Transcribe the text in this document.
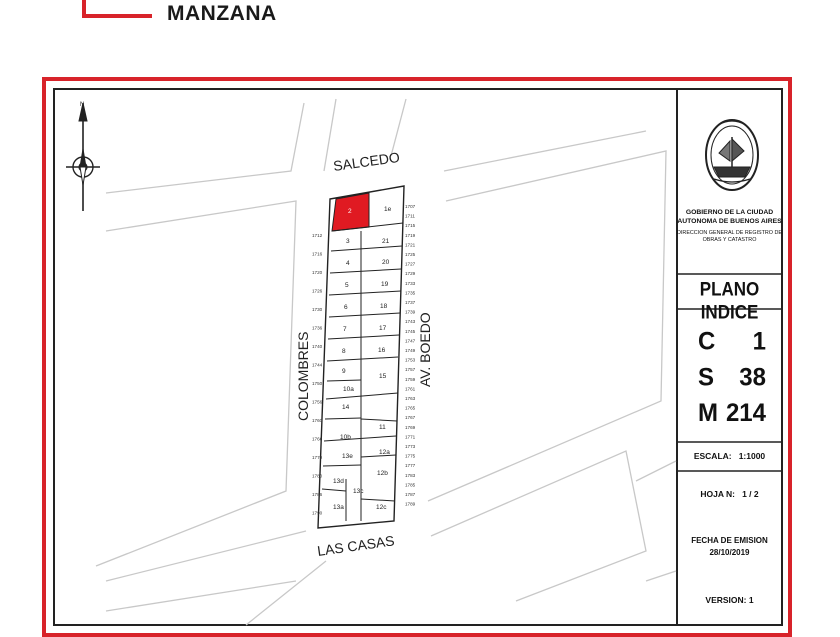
MANZANA
N
1e
2
3	21
4	20
5	19
6	18
7	17
8	16
9
15
10a
14
10b
11
13e
12a
13d
12b
13c
13a	12c
1707
1711
1715
1719
1721
1725
1727
1729
1733
1735
1737
1739
1743
1745
1747
1749
1753
1757
1759
1761
1763
1765
1767
1769
1771
1773
1775
1777
1783
1785
1787
1789
1712
1716
1720
1726
1730
1736
1740
1744
1750
1756
1760
1766
1770
1780
1786
1790
SALCEDO
LAS CASAS
COLOMBRES	AV. BOEDO
GOBIERNO DE LA CIUDAD
AUTONOMA DE BUENOS AIRES
DIRECCION GENERAL DE REGISTRO DE
OBRAS Y CATASTRO
PLANO INDICE
C 1
S 38
M 214
ESCALA:   1:1000
HOJA N:   1 / 2
FECHA DE EMISION
28/10/2019
VERSION: 1
